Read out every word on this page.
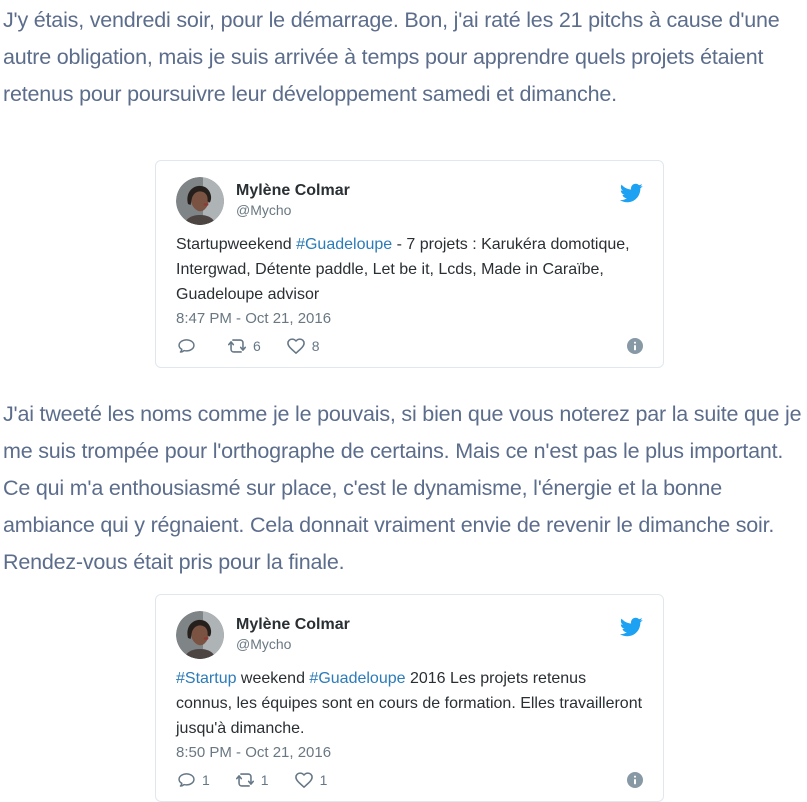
J'y étais, vendredi soir, pour le démarrage. Bon, j'ai raté les 21 pitchs à cause d'une autre obligation, mais je suis arrivée à temps pour apprendre quels projets étaient retenus pour poursuivre leur développement samedi et dimanche.

Mylène Colmar
@Mycho

Startupweekend #Guadeloupe - 7 projets : Karukéra domotique, Intergwad, Détente paddle, Let be it, Lcds, Made in Caraïbe, Guadeloupe advisor

8:47 PM - Oct 21, 2016
6	8

J'ai tweeté les noms comme je le pouvais, si bien que vous noterez par la suite que je me suis trompée pour l'orthographe de certains. Mais ce n'est pas le plus important. Ce qui m'a enthousiasmé sur place, c'est le dynamisme, l'énergie et la bonne ambiance qui y régnaient. Cela donnait vraiment envie de revenir le dimanche soir. Rendez-vous était pris pour la finale.

Mylène Colmar
@Mycho

#Startup weekend #Guadeloupe 2016 Les projets retenus connus, les équipes sont en cours de formation. Elles travailleront jusqu'à dimanche.

8:50 PM - Oct 21, 2016
1	1	1
